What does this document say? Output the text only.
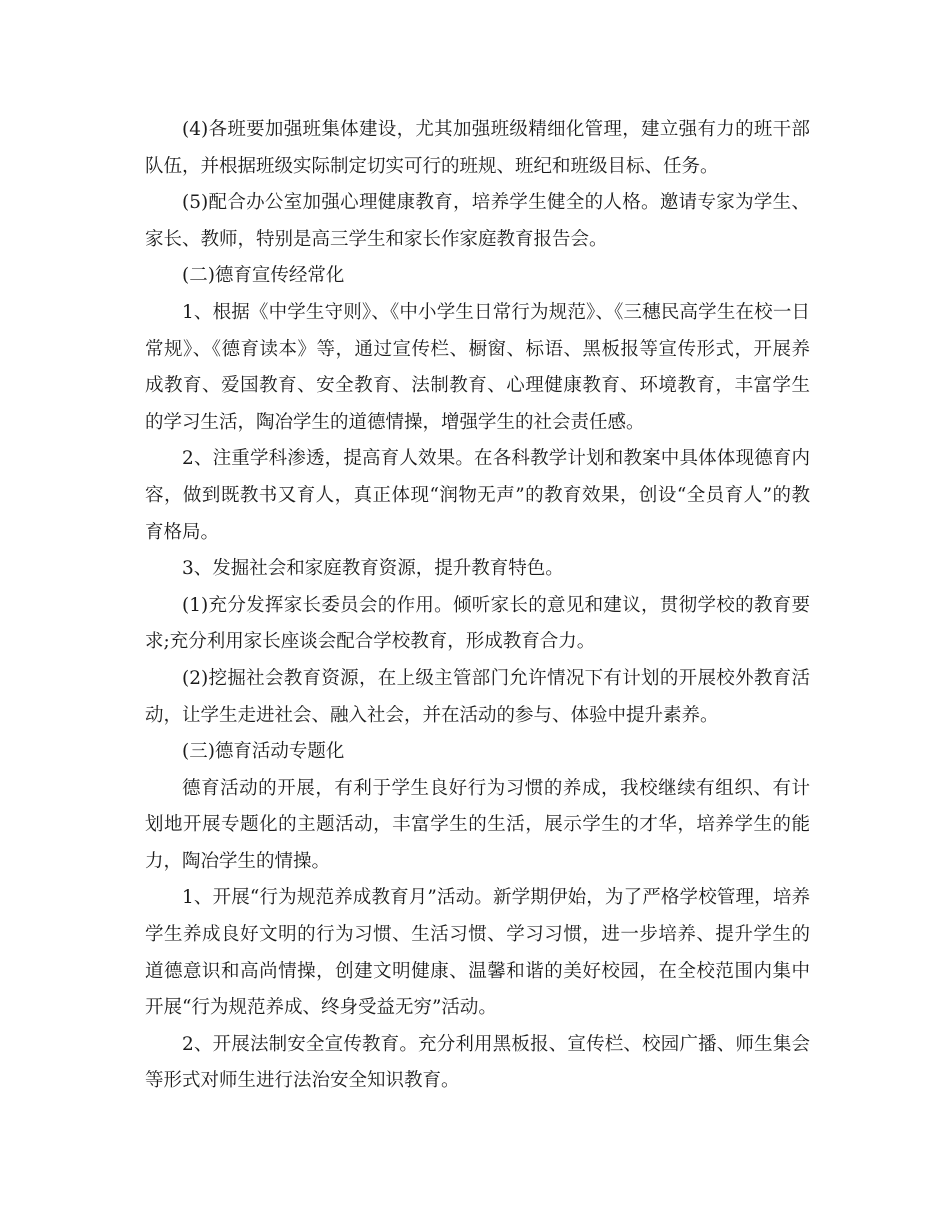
(4)各班要加强班集体建设，尤其加强班级精细化管理，建立强有力的班干部队伍，并根据班级实际制定切实可行的班规、班纪和班级目标、任务。

(5)配合办公室加强心理健康教育，培养学生健全的人格。邀请专家为学生、家长、教师，特别是高三学生和家长作家庭教育报告会。

(二)德育宣传经常化

1、根据《中学生守则》、《中小学生日常行为规范》、《三穗民高学生在校一日常规》、《德育读本》等，通过宣传栏、橱窗、标语、黑板报等宣传形式，开展养成教育、爱国教育、安全教育、法制教育、心理健康教育、环境教育，丰富学生的学习生活，陶冶学生的道德情操，增强学生的社会责任感。

2、注重学科渗透，提高育人效果。在各科教学计划和教案中具体体现德育内容，做到既教书又育人，真正体现“润物无声”的教育效果，创设“全员育人”的教育格局。

3、发掘社会和家庭教育资源，提升教育特色。

(1)充分发挥家长委员会的作用。倾听家长的意见和建议，贯彻学校的教育要求;充分利用家长座谈会配合学校教育，形成教育合力。

(2)挖掘社会教育资源，在上级主管部门允许情况下有计划的开展校外教育活动，让学生走进社会、融入社会，并在活动的参与、体验中提升素养。

(三)德育活动专题化

德育活动的开展，有利于学生良好行为习惯的养成，我校继续有组织、有计划地开展专题化的主题活动，丰富学生的生活，展示学生的才华，培养学生的能力，陶冶学生的情操。

1、开展“行为规范养成教育月”活动。新学期伊始，为了严格学校管理，培养学生养成良好文明的行为习惯、生活习惯、学习习惯，进一步培养、提升学生的道德意识和高尚情操，创建文明健康、温馨和谐的美好校园，在全校范围内集中开展“行为规范养成、终身受益无穷”活动。

2、开展法制安全宣传教育。充分利用黑板报、宣传栏、校园广播、师生集会等形式对师生进行法治安全知识教育。
